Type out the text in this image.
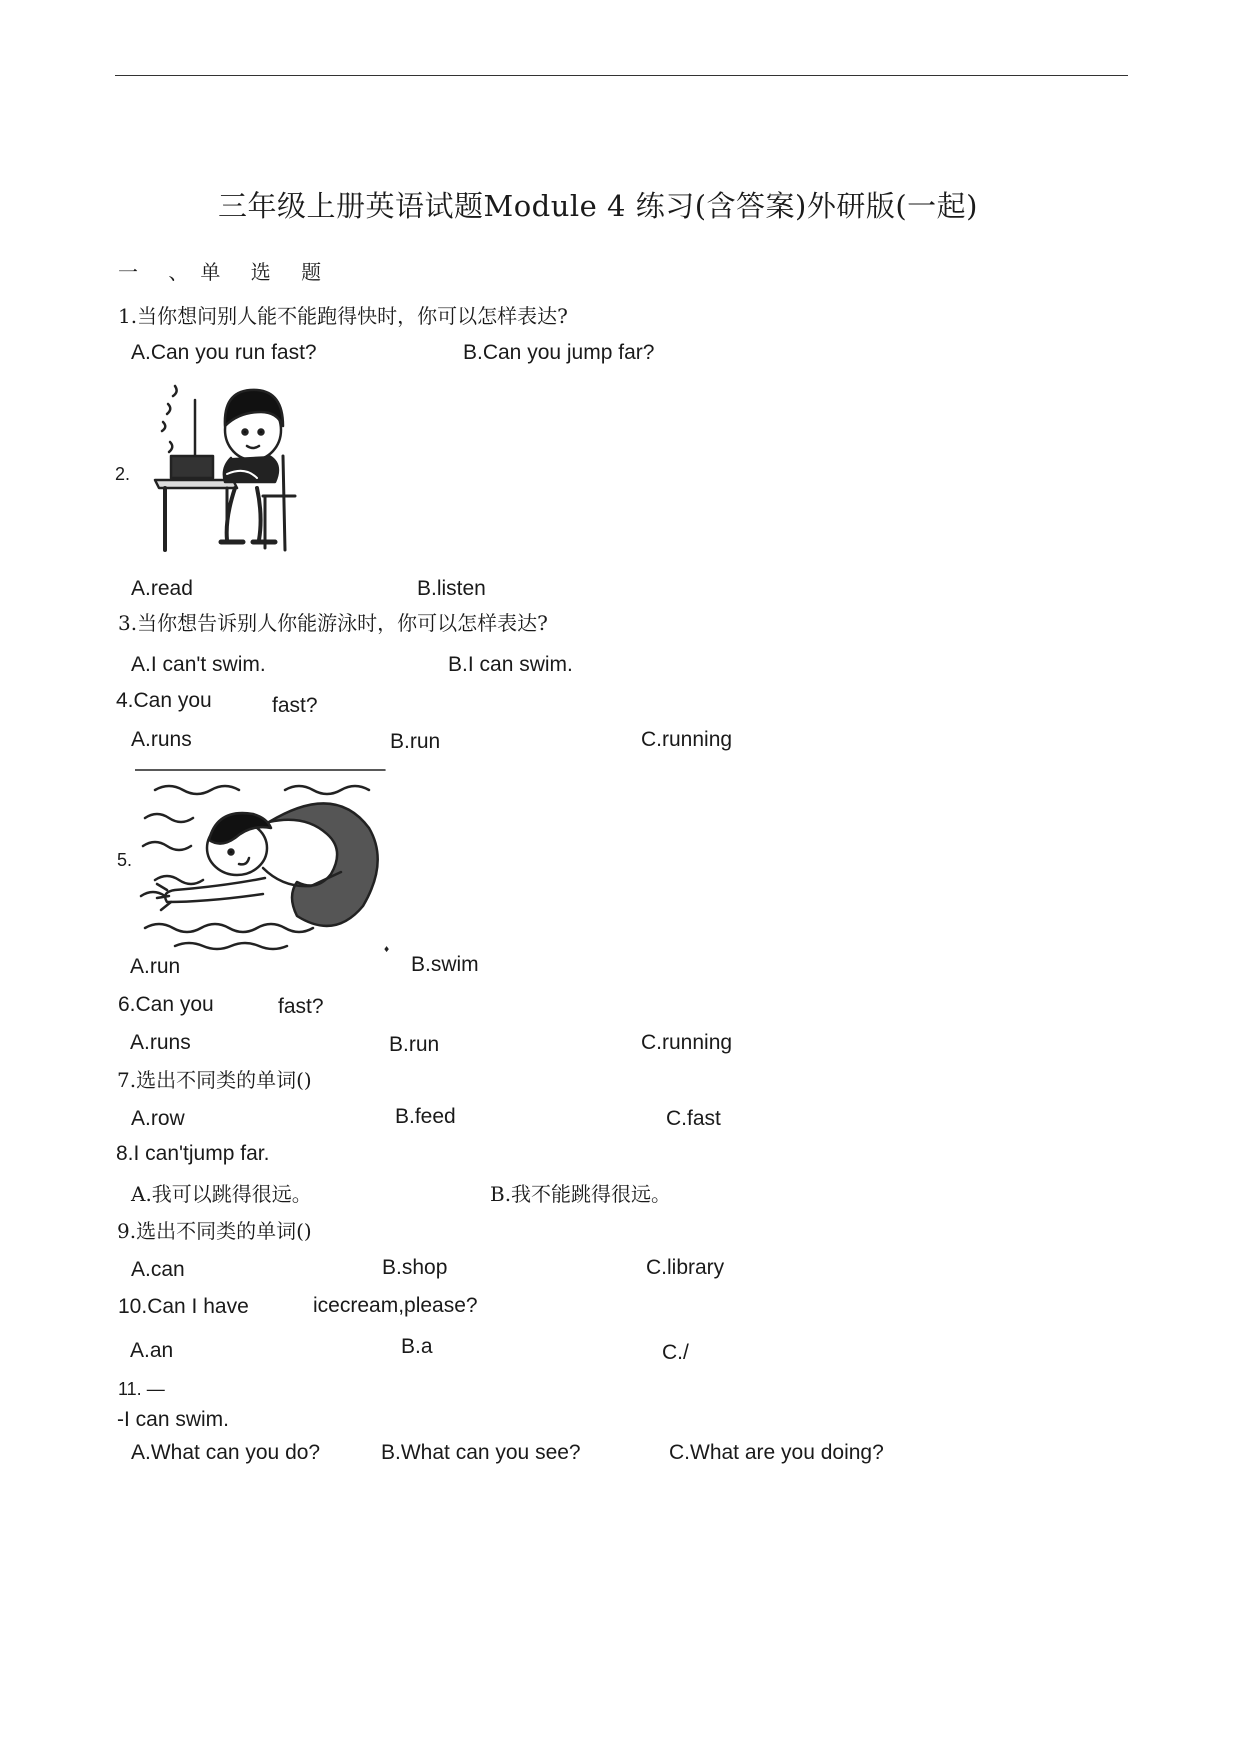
三年级上册英语试题Module 4 练习(含答案)外研版(一起)
一 、单 选 题
1.当你想问别人能不能跑得快时，你可以怎样表达?
A.Can you run fast?	B.Can you jump far?
2.
A.read	B.listen
3.当你想告诉别人你能游泳时，你可以怎样表达?
A.I can't swim.	B.I can swim.
4.Can you	fast?
A.runs	B.run	C.running
5.
♦
A.run	B.swim
6.Can you	fast?
A.runs	B.run	C.running
7.选出不同类的单词()
A.row	B.feed	C.fast
8.I can'tjump far.
A.我可以跳得很远。	B.我不能跳得很远。
9.选出不同类的单词()
A.can	B.shop	C.library
10.Can I have	icecream,please?
A.an	B.a	C./
11. —
-I can swim.
A.What can you do?	B.What can you see?	C.What are you doing?
